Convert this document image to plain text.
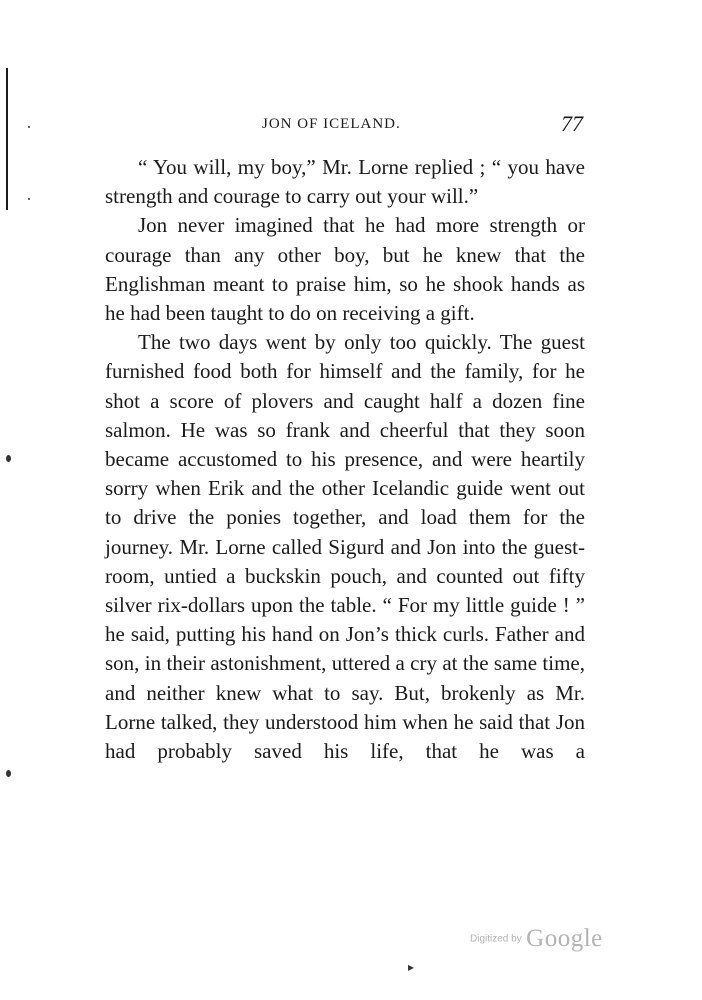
JON OF ICELAND.	77

“ You will, my boy,” Mr. Lorne replied ; “ you have strength and courage to carry out your will.”

Jon never imagined that he had more strength or courage than any other boy, but he knew that the Englishman meant to praise him, so he shook hands as he had been taught to do on receiving a gift.

The two days went by only too quickly. The guest furnished food both for himself and the family, for he shot a score of plovers and caught half a dozen fine salmon. He was so frank and cheerful that they soon became accustomed to his presence, and were heartily sorry when Erik and the other Icelandic guide went out to drive the ponies together, and load them for the journey. Mr. Lorne called Sigurd and Jon into the guest-room, untied a buckskin pouch, and counted out fifty silver rix-dollars upon the table. “ For my little guide ! ” he said, putting his hand on Jon’s thick curls. Father and son, in their astonishment, uttered a cry at the same time, and neither knew what to say. But, brokenly as Mr. Lorne talked, they understood him when he said that Jon had probably saved his life, that he was a

Digitized by Google
▸
